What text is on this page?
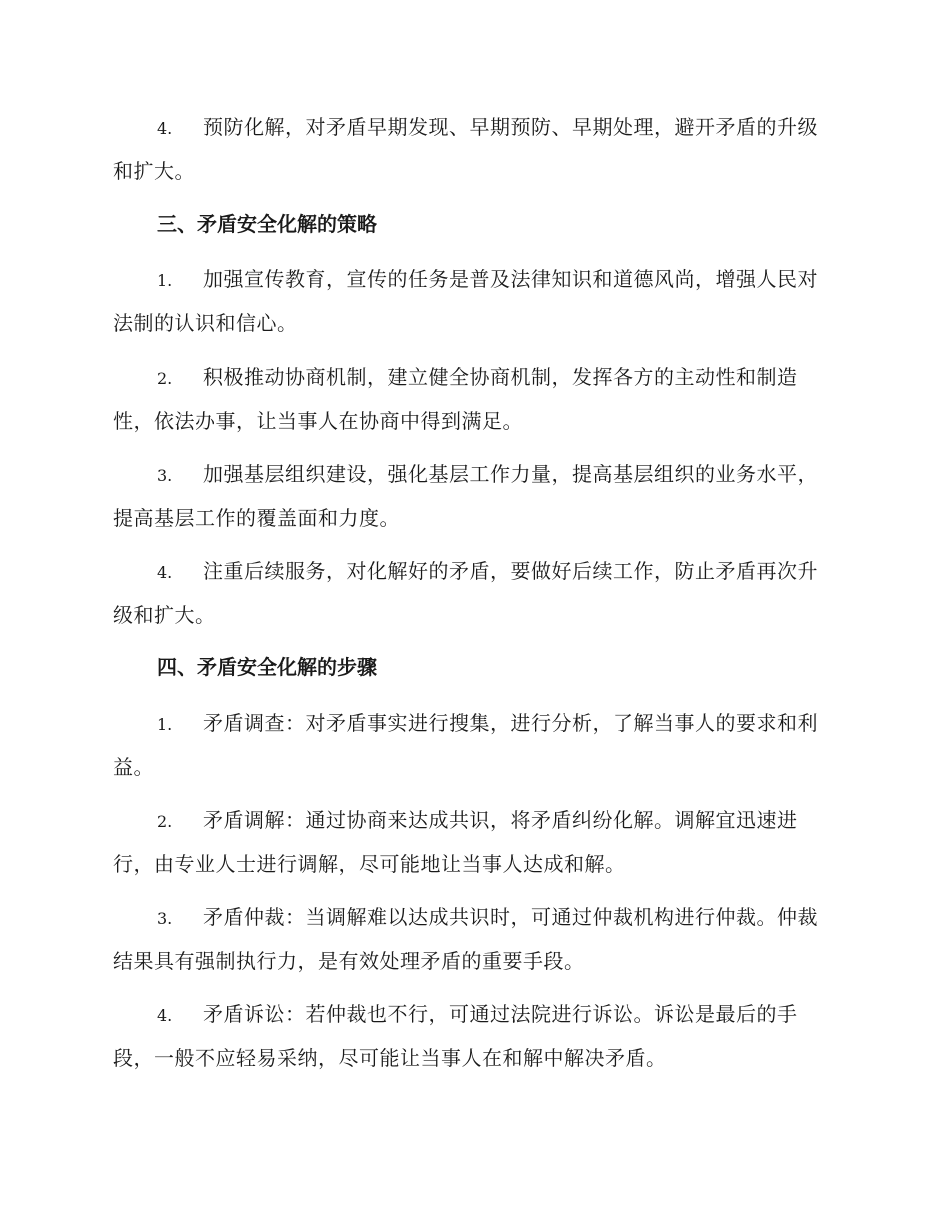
4. 预防化解，对矛盾早期发现、早期预防、早期处理，避开矛盾的升级和扩大。

三、矛盾安全化解的策略

1. 加强宣传教育，宣传的任务是普及法律知识和道德风尚，增强人民对法制的认识和信心。

2. 积极推动协商机制，建立健全协商机制，发挥各方的主动性和制造性，依法办事，让当事人在协商中得到满足。

3. 加强基层组织建设，强化基层工作力量，提高基层组织的业务水平，提高基层工作的覆盖面和力度。

4. 注重后续服务，对化解好的矛盾，要做好后续工作，防止矛盾再次升级和扩大。

四、矛盾安全化解的步骤

1. 矛盾调查：对矛盾事实进行搜集，进行分析，了解当事人的要求和利益。

2. 矛盾调解：通过协商来达成共识，将矛盾纠纷化解。调解宜迅速进行，由专业人士进行调解，尽可能地让当事人达成和解。

3. 矛盾仲裁：当调解难以达成共识时，可通过仲裁机构进行仲裁。仲裁结果具有强制执行力，是有效处理矛盾的重要手段。

4. 矛盾诉讼：若仲裁也不行，可通过法院进行诉讼。诉讼是最后的手段，一般不应轻易采纳，尽可能让当事人在和解中解决矛盾。
